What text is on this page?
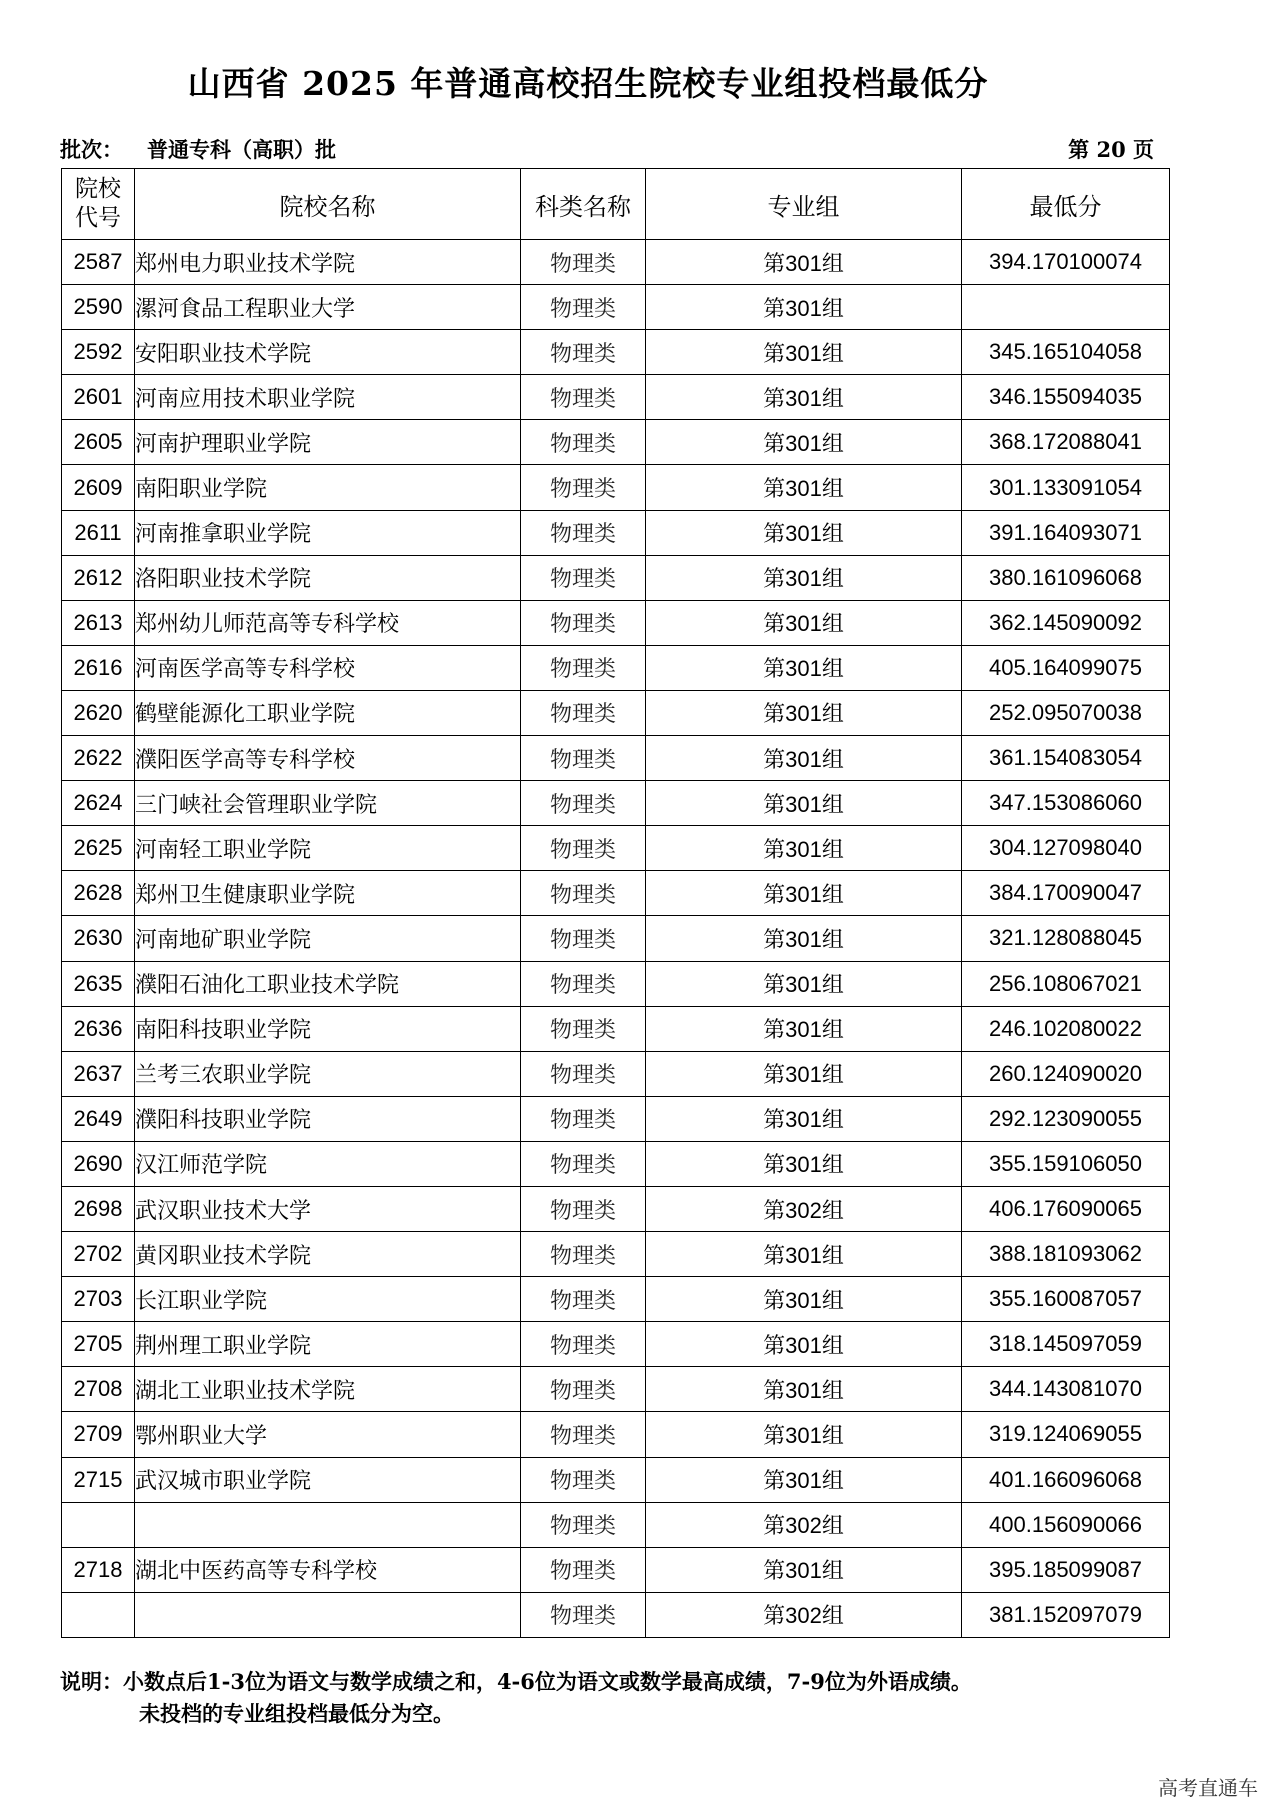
山西省 2025 年普通高校招生院校专业组投档最低分
批次： 普通专科（高职）批	第 20 页
院校
代号	院校名称	科类名称	专业组	最低分
2587	郑州电力职业技术学院	物理类	第301组	394.170100074
2590	漯河食品工程职业大学	物理类	第301组	
2592	安阳职业技术学院	物理类	第301组	345.165104058
2601	河南应用技术职业学院	物理类	第301组	346.155094035
2605	河南护理职业学院	物理类	第301组	368.172088041
2609	南阳职业学院	物理类	第301组	301.133091054
2611	河南推拿职业学院	物理类	第301组	391.164093071
2612	洛阳职业技术学院	物理类	第301组	380.161096068
2613	郑州幼儿师范高等专科学校	物理类	第301组	362.145090092
2616	河南医学高等专科学校	物理类	第301组	405.164099075
2620	鹤壁能源化工职业学院	物理类	第301组	252.095070038
2622	濮阳医学高等专科学校	物理类	第301组	361.154083054
2624	三门峡社会管理职业学院	物理类	第301组	347.153086060
2625	河南轻工职业学院	物理类	第301组	304.127098040
2628	郑州卫生健康职业学院	物理类	第301组	384.170090047
2630	河南地矿职业学院	物理类	第301组	321.128088045
2635	濮阳石油化工职业技术学院	物理类	第301组	256.108067021
2636	南阳科技职业学院	物理类	第301组	246.102080022
2637	兰考三农职业学院	物理类	第301组	260.124090020
2649	濮阳科技职业学院	物理类	第301组	292.123090055
2690	汉江师范学院	物理类	第301组	355.159106050
2698	武汉职业技术大学	物理类	第302组	406.176090065
2702	黄冈职业技术学院	物理类	第301组	388.181093062
2703	长江职业学院	物理类	第301组	355.160087057
2705	荆州理工职业学院	物理类	第301组	318.145097059
2708	湖北工业职业技术学院	物理类	第301组	344.143081070
2709	鄂州职业大学	物理类	第301组	319.124069055
2715	武汉城市职业学院	物理类	第301组	401.166096068
		物理类	第302组	400.156090066
2718	湖北中医药高等专科学校	物理类	第301组	395.185099087
		物理类	第302组	381.152097079
说明：小数点后1-3位为语文与数学成绩之和，4-6位为语文或数学最高成绩，7-9位为外语成绩。
未投档的专业组投档最低分为空。
高考直通车
